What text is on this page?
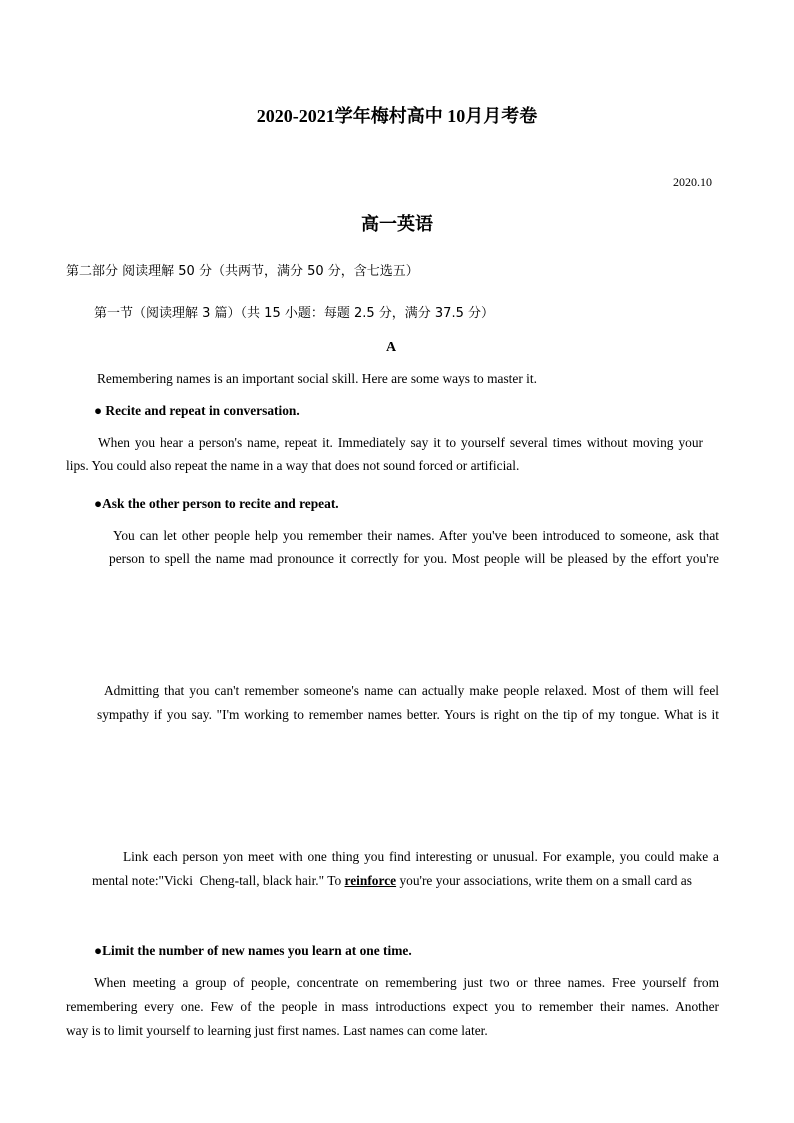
2020-2021学年梅村高中 10月月考卷
2020.10
高一英语
第二部分 阅读理解 50 分（共两节，满分 50 分，含七选五）
第一节（阅读理解 3 篇）（共 15 小题：每题 2.5 分，满分 37.5 分）
A
Remembering names is an important social skill. Here are some ways to master it.
● Recite and repeat in conversation.
When you hear a person's name, repeat it. Immediately say it to yourself several times without moving your
lips. You could also repeat the name in a way that does not sound forced or artificial.
●Ask the other person to recite and repeat.
You can let other people help you remember their names. After you've been introduced to someone, ask that
person to spell the name mad pronounce it correctly for you. Most people will be pleased by the effort you're
Admitting that you can't remember someone's name can actually make people relaxed. Most of them will feel
sympathy if you say. "I'm working to remember names better. Yours is right on the tip of my tongue. What is it
Link each person yon meet with one thing you find interesting or unusual. For example, you could make a
mental note:"Vicki  Cheng-tall, black hair." To reinforce you're your associations, write them on a small card as
●Limit the number of new names you learn at one time.
When meeting a group of people, concentrate on remembering just two or three names. Free yourself from
remembering every one. Few of the people in mass introductions expect you to remember their names. Another
way is to limit yourself to learning just first names. Last names can come later.
